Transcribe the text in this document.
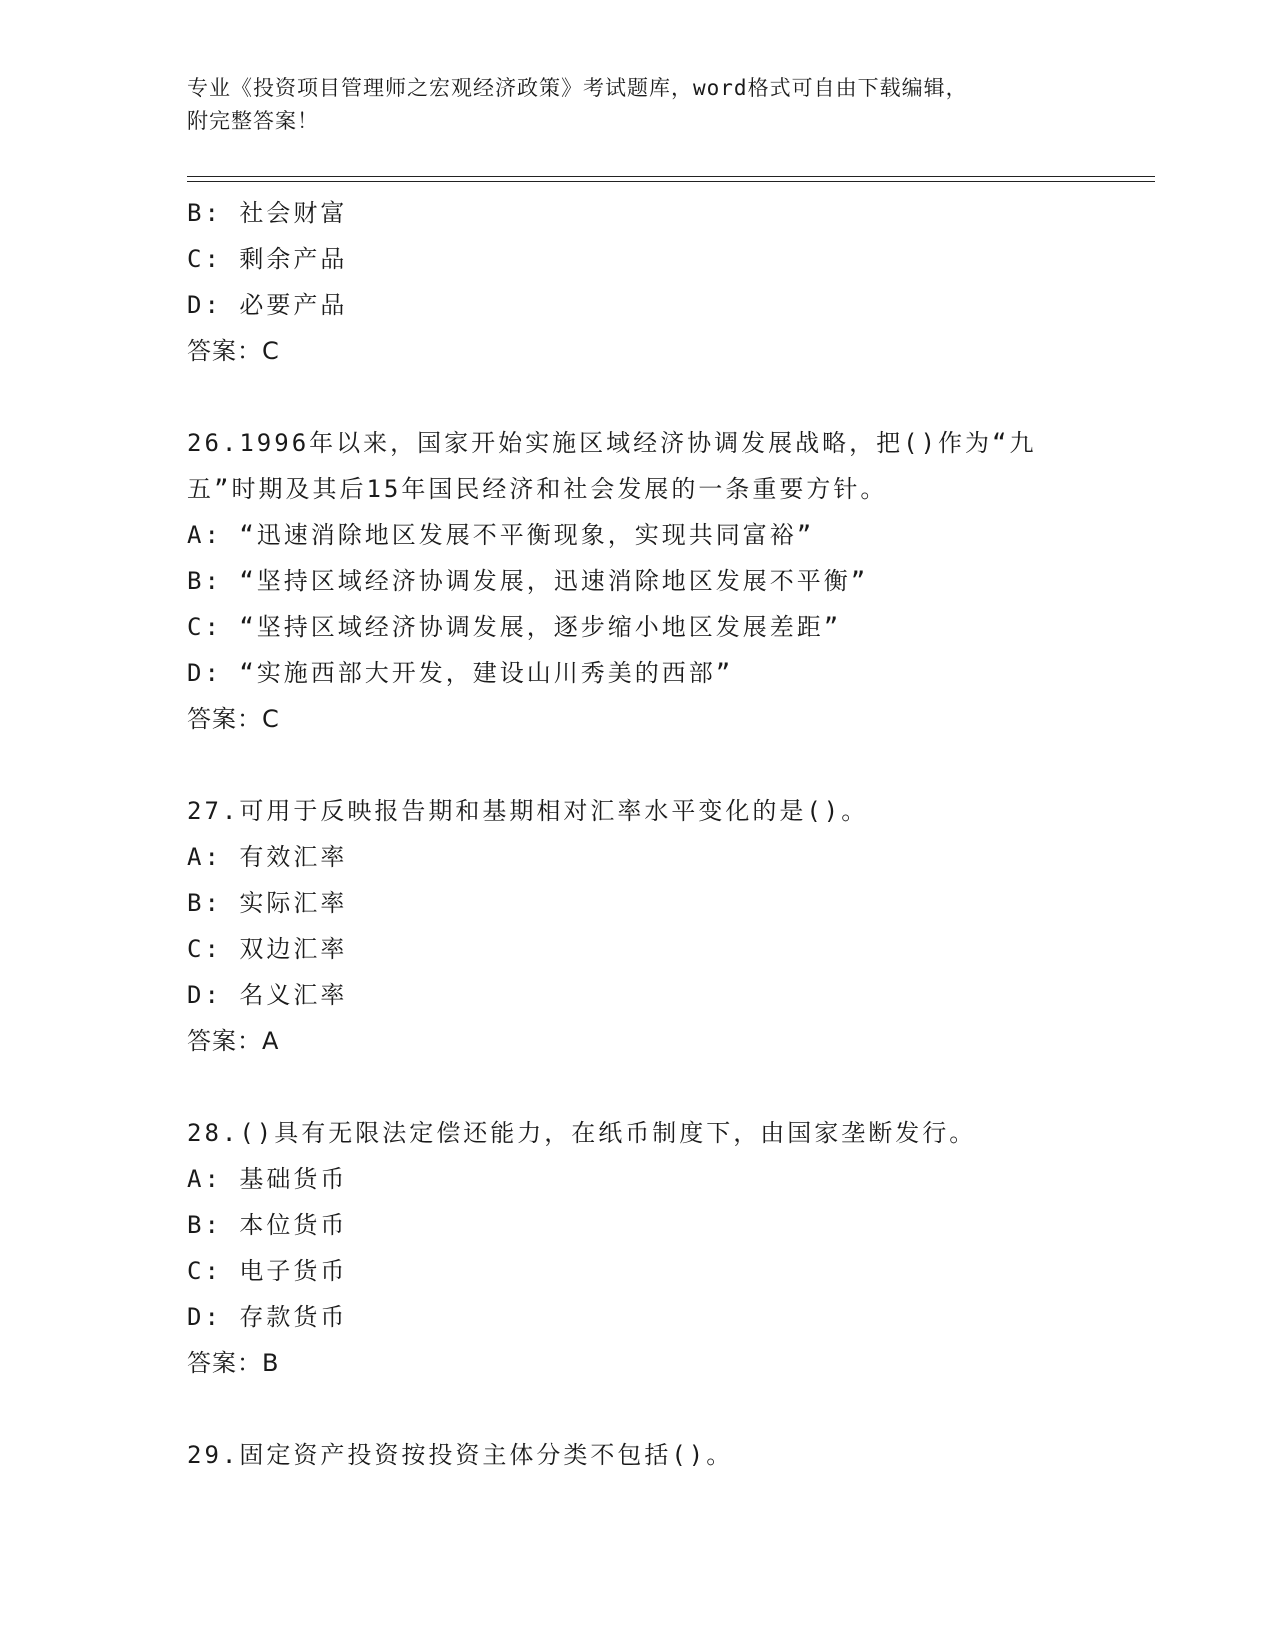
专业《投资项目管理师之宏观经济政策》考试题库，word格式可自由下载编辑，
附完整答案！
B: 社会财富
C: 剩余产品
D: 必要产品
答案：C
26.1996年以来，国家开始实施区域经济协调发展战略，把()作为“九
五”时期及其后15年国民经济和社会发展的一条重要方针。
A: “迅速消除地区发展不平衡现象，实现共同富裕”
B: “坚持区域经济协调发展，迅速消除地区发展不平衡”
C: “坚持区域经济协调发展，逐步缩小地区发展差距”
D: “实施西部大开发，建设山川秀美的西部”
答案：C
27.可用于反映报告期和基期相对汇率水平变化的是()。
A: 有效汇率
B: 实际汇率
C: 双边汇率
D: 名义汇率
答案：A
28.()具有无限法定偿还能力，在纸币制度下，由国家垄断发行。
A: 基础货币
B: 本位货币
C: 电子货币
D: 存款货币
答案：B
29.固定资产投资按投资主体分类不包括()。
